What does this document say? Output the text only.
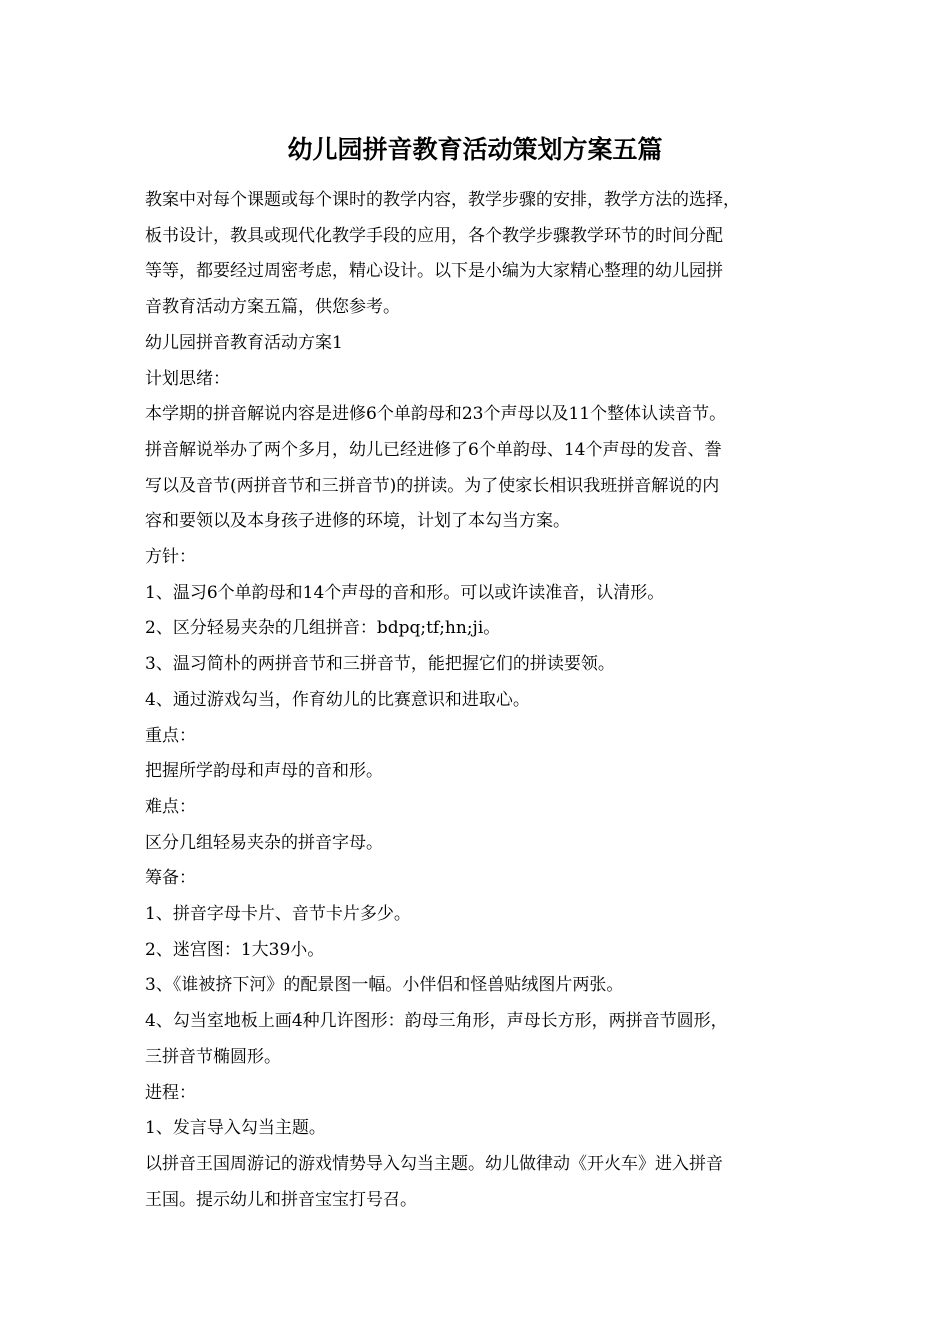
幼儿园拼音教育活动策划方案五篇

教案中对每个课题或每个课时的教学内容，教学步骤的安排，教学方法的选择，

板书设计，教具或现代化教学手段的应用，各个教学步骤教学环节的时间分配

等等，都要经过周密考虑，精心设计。以下是小编为大家精心整理的幼儿园拼

音教育活动方案五篇，供您参考。

幼儿园拼音教育活动方案1

计划思绪：

本学期的拼音解说内容是进修6个单韵母和23个声母以及11个整体认读音节。

拼音解说举办了两个多月，幼儿已经进修了6个单韵母、14个声母的发音、誊

写以及音节(两拼音节和三拼音节)的拼读。为了使家长相识我班拼音解说的内

容和要领以及本身孩子进修的环境，计划了本勾当方案。

方针：

1、温习6个单韵母和14个声母的音和形。可以或许读准音，认清形。

2、区分轻易夹杂的几组拼音：bdpq;tf;hn;ji。

3、温习简朴的两拼音节和三拼音节，能把握它们的拼读要领。

4、通过游戏勾当，作育幼儿的比赛意识和进取心。

重点：

把握所学韵母和声母的音和形。

难点：

区分几组轻易夹杂的拼音字母。

筹备：

1、拼音字母卡片、音节卡片多少。

2、迷宫图：1大39小。

3、《谁被挤下河》的配景图一幅。小伴侣和怪兽贴绒图片两张。

4、勾当室地板上画4种几许图形：韵母三角形，声母长方形，两拼音节圆形，

三拼音节椭圆形。

进程：

1、发言导入勾当主题。

以拼音王国周游记的游戏情势导入勾当主题。幼儿做律动《开火车》进入拼音

王国。提示幼儿和拼音宝宝打号召。
